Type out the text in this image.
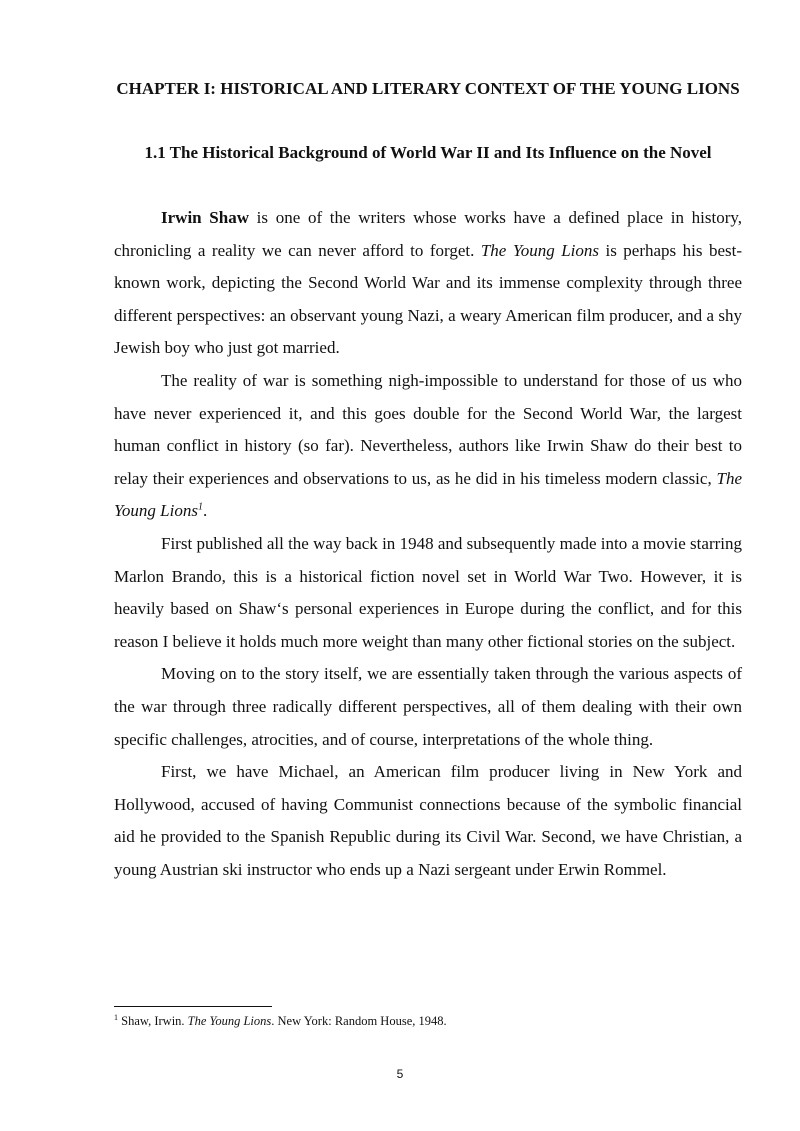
CHAPTER I: HISTORICAL AND LITERARY CONTEXT OF THE YOUNG LIONS
1.1 The Historical Background of World War II and Its Influence on the Novel

Irwin Shaw is one of the writers whose works have a defined place in history, chronicling a reality we can never afford to forget. The Young Lions is perhaps his best-known work, depicting the Second World War and its immense complexity through three different perspectives: an observant young Nazi, a weary American film producer, and a shy Jewish boy who just got married.

The reality of war is something nigh-impossible to understand for those of us who have never experienced it, and this goes double for the Second World War, the largest human conflict in history (so far). Nevertheless, authors like Irwin Shaw do their best to relay their experiences and observations to us, as he did in his timeless modern classic, The Young Lions$^1$.

First published all the way back in 1948 and subsequently made into a movie starring Marlon Brando, this is a historical fiction novel set in World War Two. However, it is heavily based on Shaw‘s personal experiences in Europe during the conflict, and for this reason I believe it holds much more weight than many other fictional stories on the subject.

Moving on to the story itself, we are essentially taken through the various aspects of the war through three radically different perspectives, all of them dealing with their own specific challenges, atrocities, and of course, interpretations of the whole thing.

First, we have Michael, an American film producer living in New York and Hollywood, accused of having Communist connections because of the symbolic financial aid he provided to the Spanish Republic during its Civil War. Second, we have Christian, a young Austrian ski instructor who ends up a Nazi sergeant under Erwin Rommel.

$^1$ Shaw, Irwin. The Young Lions. New York: Random House, 1948.

5
